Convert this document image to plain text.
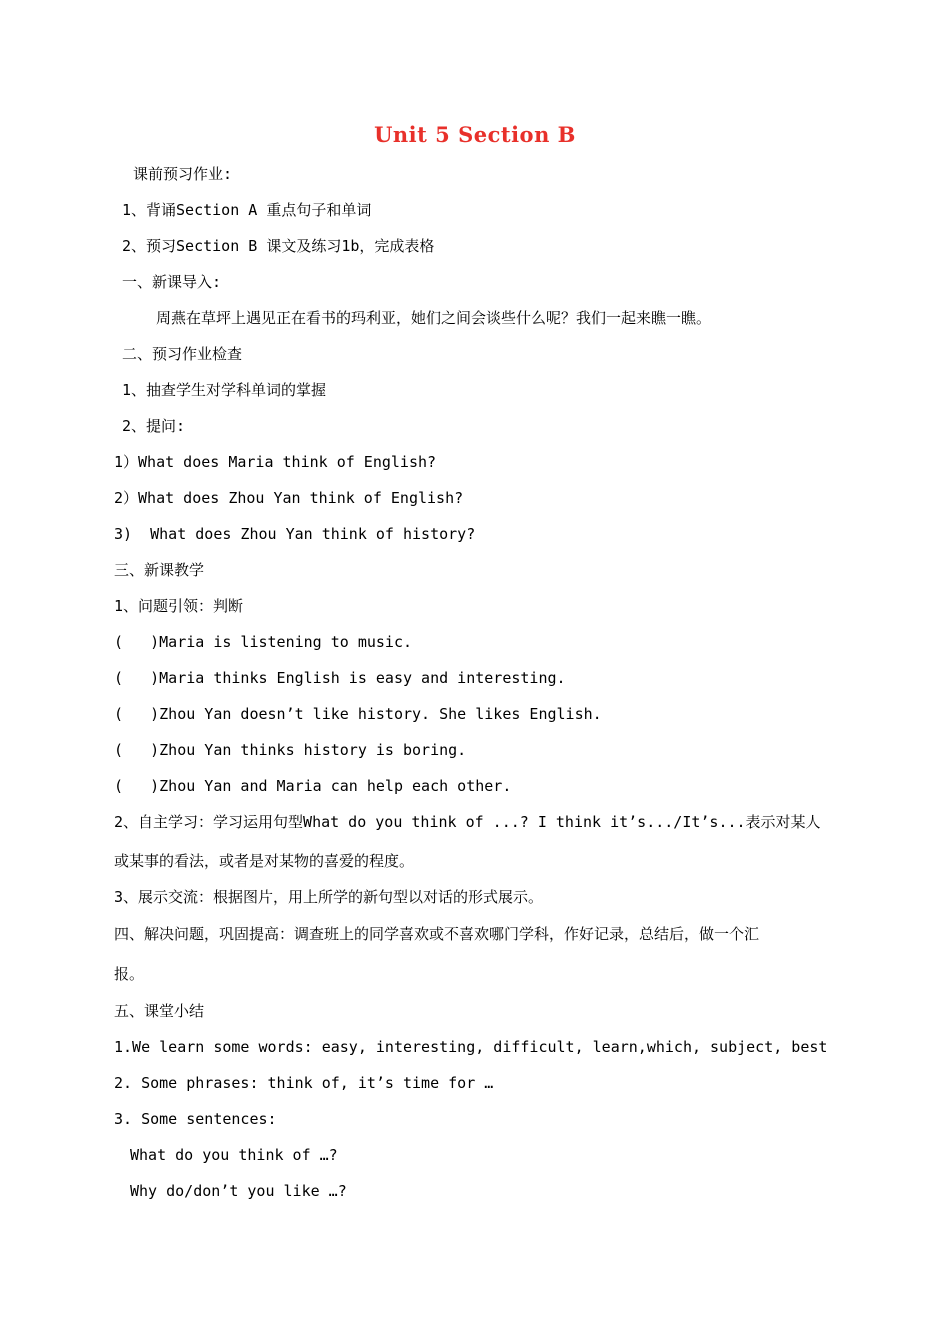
Unit 5 Section B
课前预习作业:
1、背诵Section A 重点句子和单词
2、预习Section B 课文及练习1b，完成表格
一、新课导入:
周燕在草坪上遇见正在看书的玛利亚，她们之间会谈些什么呢？我们一起来瞧一瞧。
二、预习作业检查
1、抽查学生对学科单词的掌握
2、提问:
1）What does Maria think of English?
2）What does Zhou Yan think of English?
3)  What does Zhou Yan think of history?
三、新课教学
1、问题引领：判断
(   )Maria is listening to music.
(   )Maria thinks English is easy and interesting.
(   )Zhou Yan doesn’t like history. She likes English.
(   )Zhou Yan thinks history is boring.
(   )Zhou Yan and Maria can help each other.
2、自主学习：学习运用句型What do you think of ...? I think it’s.../It’s...表示对某人
或某事的看法，或者是对某物的喜爱的程度。
3、展示交流：根据图片，用上所学的新句型以对话的形式展示。
四、解决问题，巩固提高：调查班上的同学喜欢或不喜欢哪门学科，作好记录，总结后，做一个汇
报。
五、课堂小结
1.We learn some words: easy, interesting, difficult, learn,which, subject, best
2. Some phrases: think of, it’s time for …
3. Some sentences:
What do you think of …?
Why do/don’t you like …?
